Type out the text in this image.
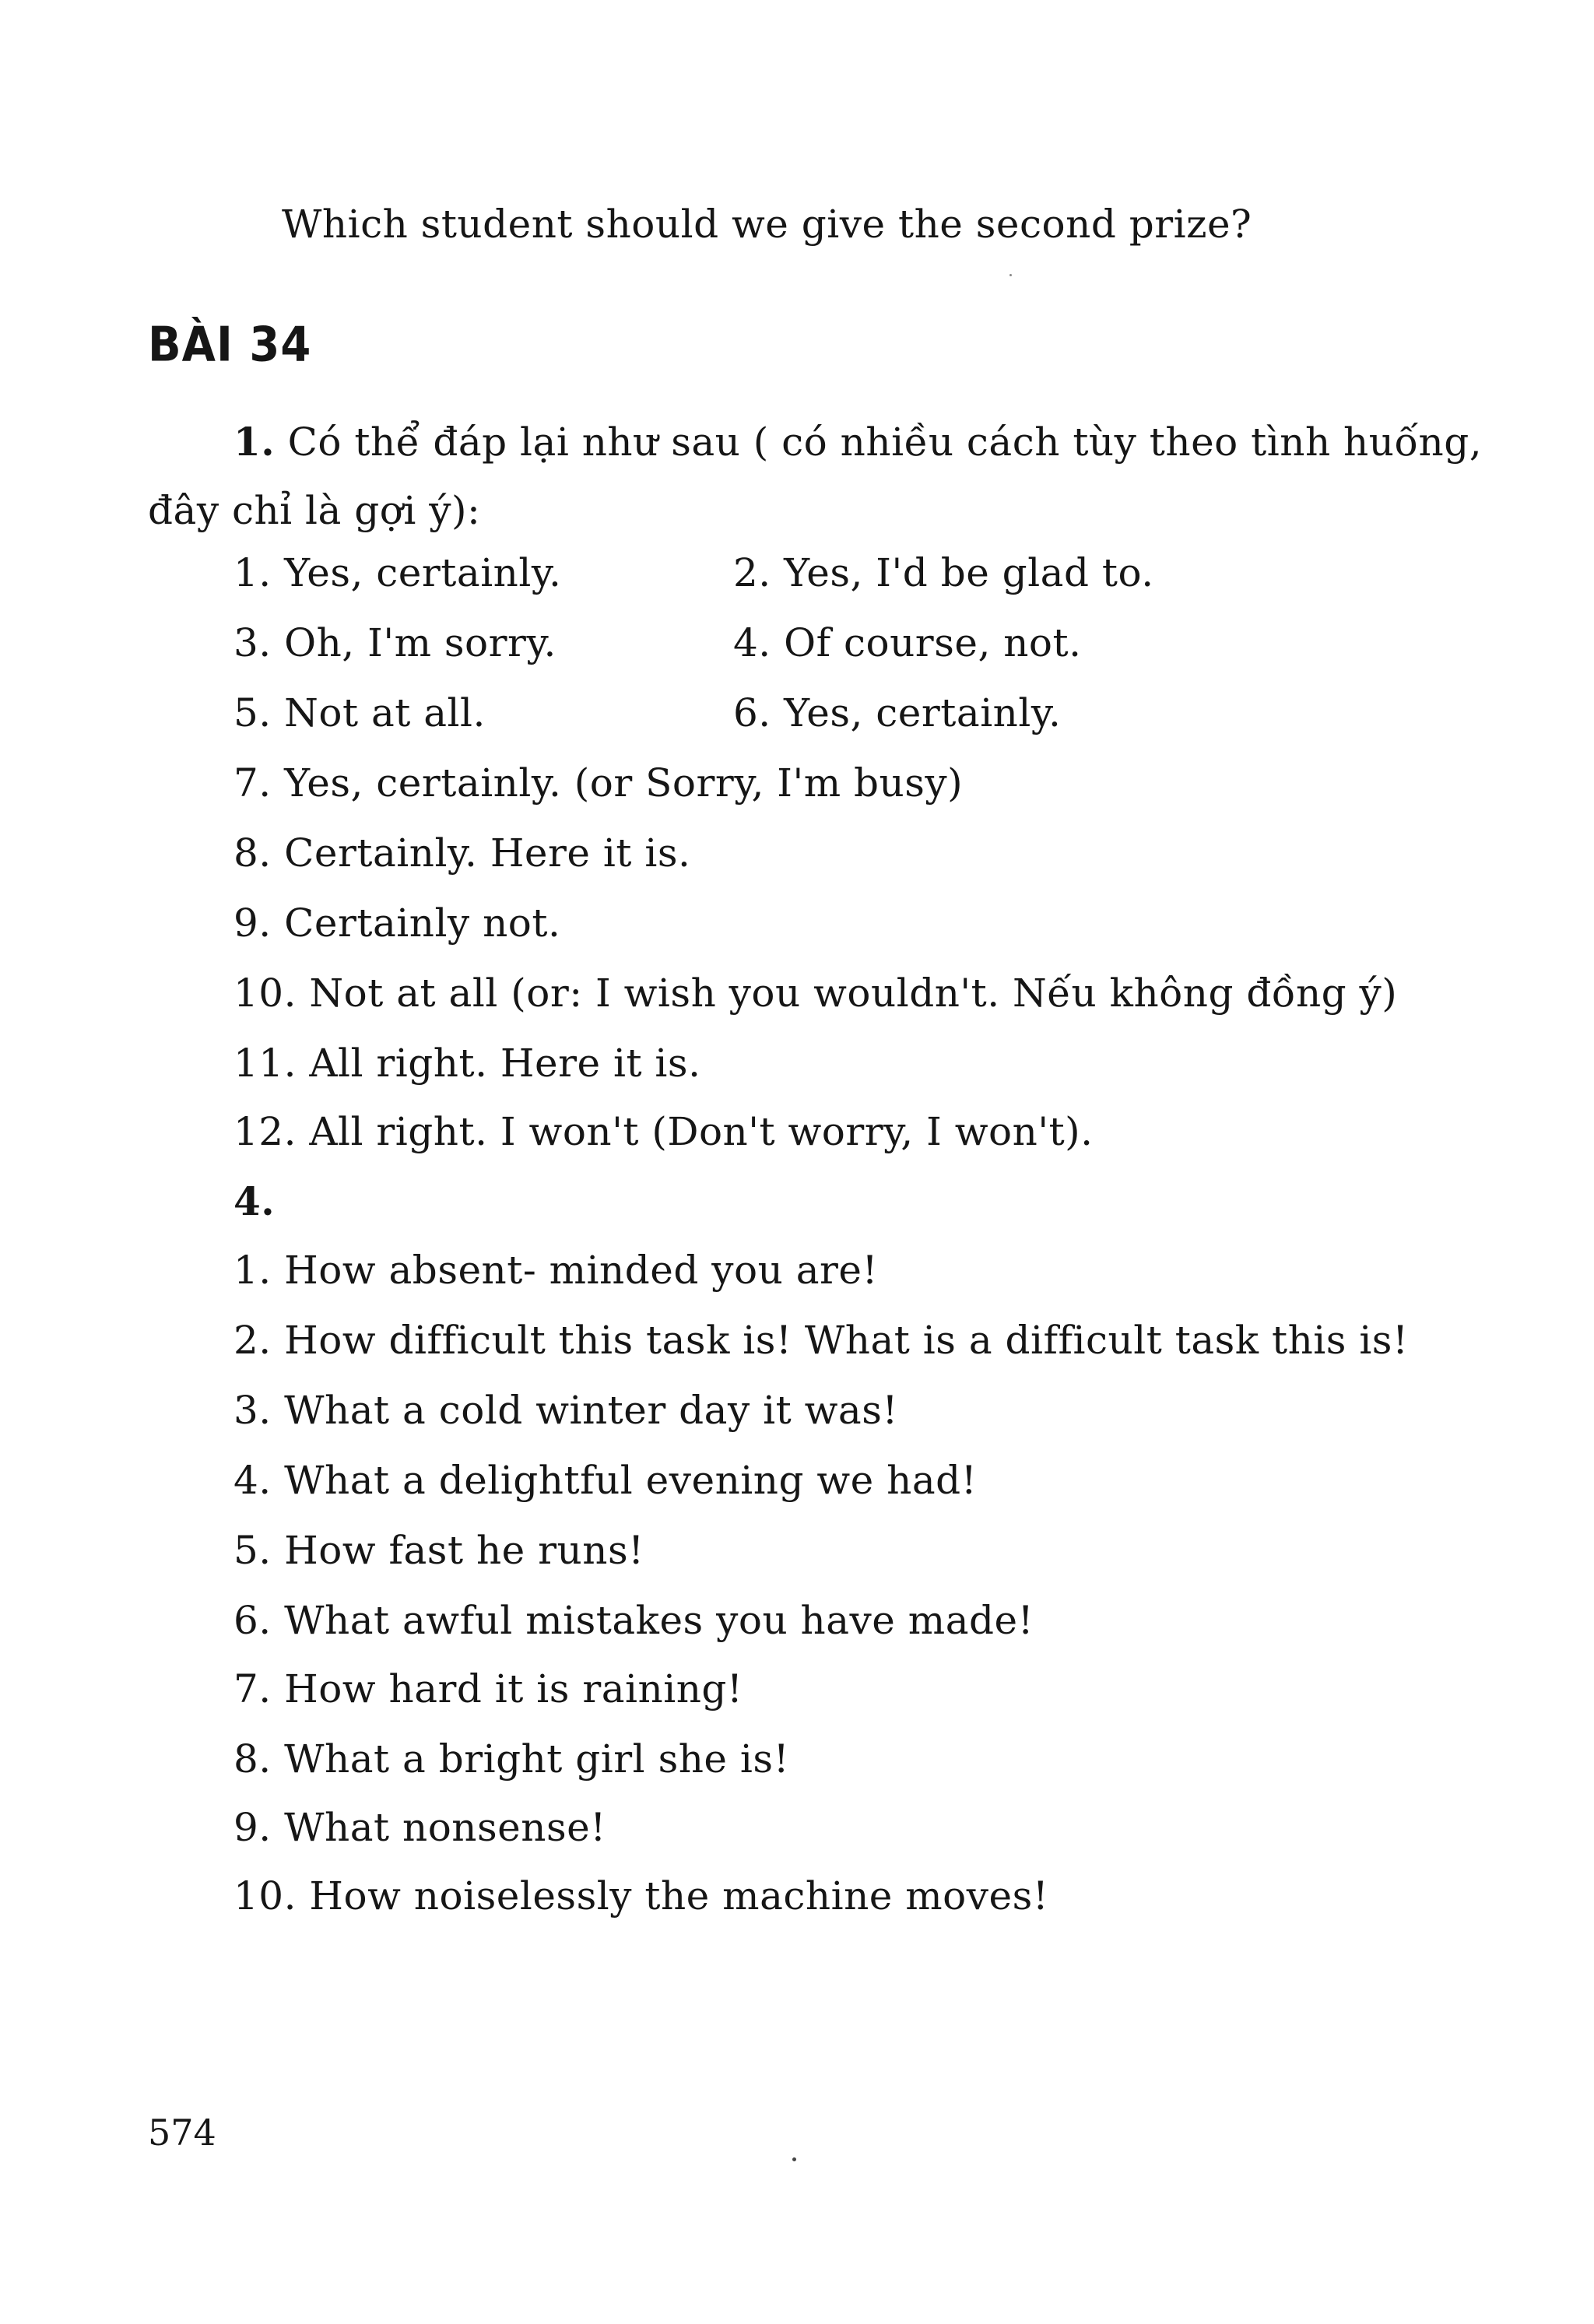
Which student should we give the second prize?
BÀI 34
1. Có thể đáp lại như sau ( có nhiều cách tùy theo tình huống,
đây chỉ là gợi ý):
1. Yes, certainly.	2. Yes, I'd be glad to.
3. Oh, I'm sorry.	4. Of course, not.
5. Not at all.	6. Yes, certainly.
7. Yes, certainly. (or Sorry, I'm busy)
8. Certainly. Here it is.
9. Certainly not.
10. Not at all (or: I wish you wouldn't. Nếu không đồng ý)
11. All right. Here it is.
12. All right. I won't (Don't worry, I won't).
4.
1. How absent- minded you are!
2. How difficult this task is! What is a difficult task this is!
3. What a cold winter day it was!
4. What a delightful evening we had!
5. How fast he runs!
6. What awful mistakes you have made!
7. How hard it is raining!
8. What a bright girl she is!
9. What nonsense!
10. How noiselessly the machine moves!
574
